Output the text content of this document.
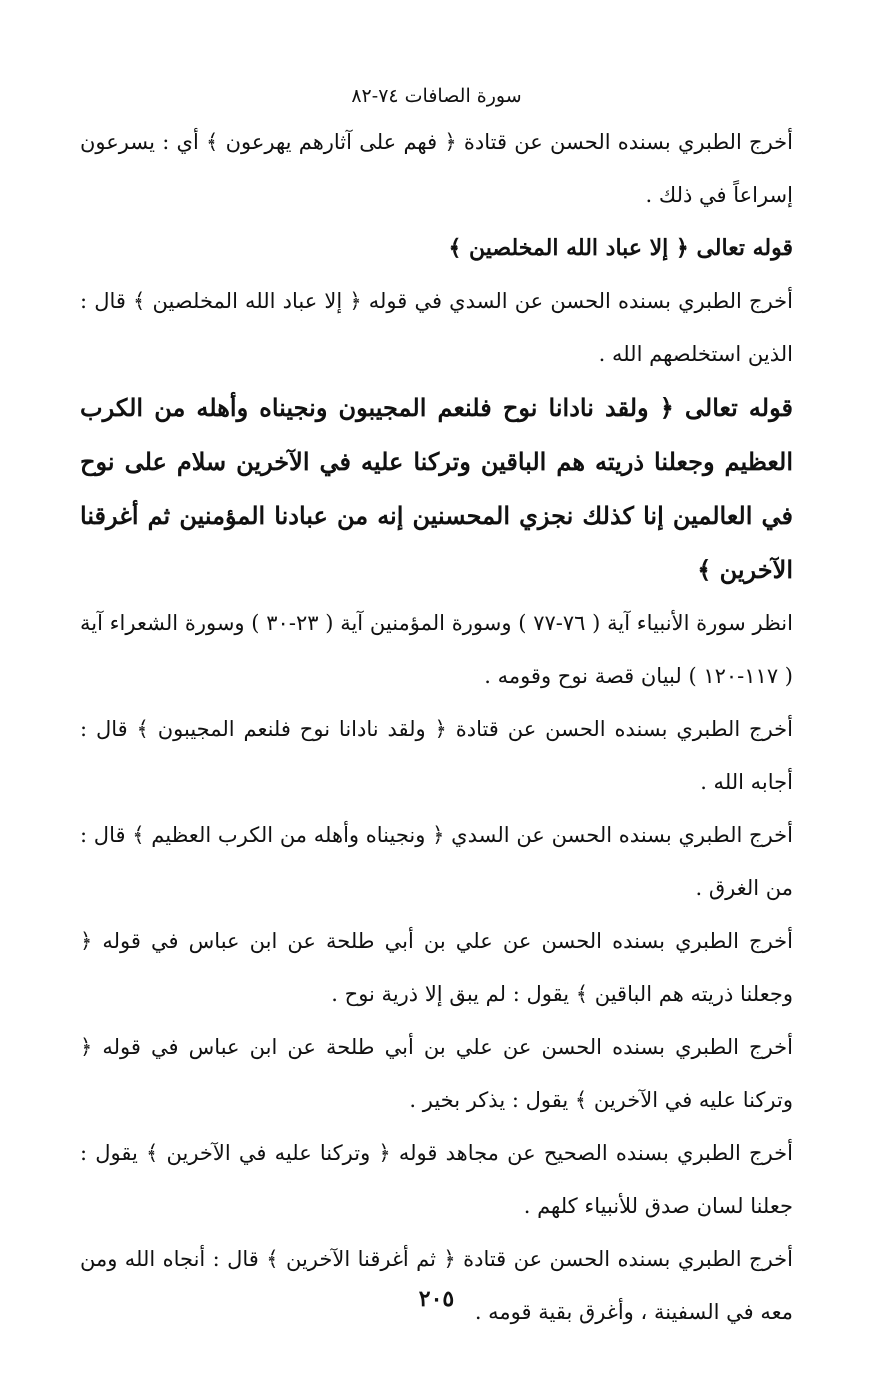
سورة الصافات ٧٤-٨٢

أخرج الطبري بسنده الحسن عن قتادة ﴿ فهم على آثارهم يهرعون ﴾ أي : يسرعون إسراعاً في ذلك .

قوله تعالى ﴿ إلا عباد الله المخلصين ﴾

أخرج الطبري بسنده الحسن عن السدي في قوله ﴿ إلا عباد الله المخلصين ﴾ قال : الذين استخلصهم الله .

قوله تعالى ﴿ ولقد نادانا نوح فلنعم المجيبون ونجيناه وأهله من الكرب العظيم وجعلنا ذريته هم الباقين وتركنا عليه في الآخرين سلام على نوح في العالمين إنا كذلك نجزي المحسنين إنه من عبادنا المؤمنين ثم أغرقنا الآخرين ﴾

انظر سورة الأنبياء آية ( ٧٦-٧٧ ) وسورة المؤمنين آية ( ٢٣-٣٠ ) وسورة الشعراء آية ( ١١٧-١٢٠ ) لبيان قصة نوح وقومه .

أخرج الطبري بسنده الحسن عن قتادة ﴿ ولقد نادانا نوح فلنعم المجيبون ﴾ قال : أجابه الله .

أخرج الطبري بسنده الحسن عن السدي ﴿ ونجيناه وأهله من الكرب العظيم ﴾ قال : من الغرق .

أخرج الطبري بسنده الحسن عن علي بن أبي طلحة عن ابن عباس في قوله ﴿ وجعلنا ذريته هم الباقين ﴾ يقول : لم يبق إلا ذرية نوح .

أخرج الطبري بسنده الحسن عن علي بن أبي طلحة عن ابن عباس في قوله ﴿ وتركنا عليه في الآخرين ﴾ يقول : يذكر بخير .

أخرج الطبري بسنده الصحيح عن مجاهد قوله ﴿ وتركنا عليه في الآخرين ﴾ يقول : جعلنا لسان صدق للأنبياء كلهم .

أخرج الطبري بسنده الحسن عن قتادة ﴿ ثم أغرقنا الآخرين ﴾ قال : أنجاه الله ومن معه في السفينة ، وأغرق بقية قومه .

٢٠٥
